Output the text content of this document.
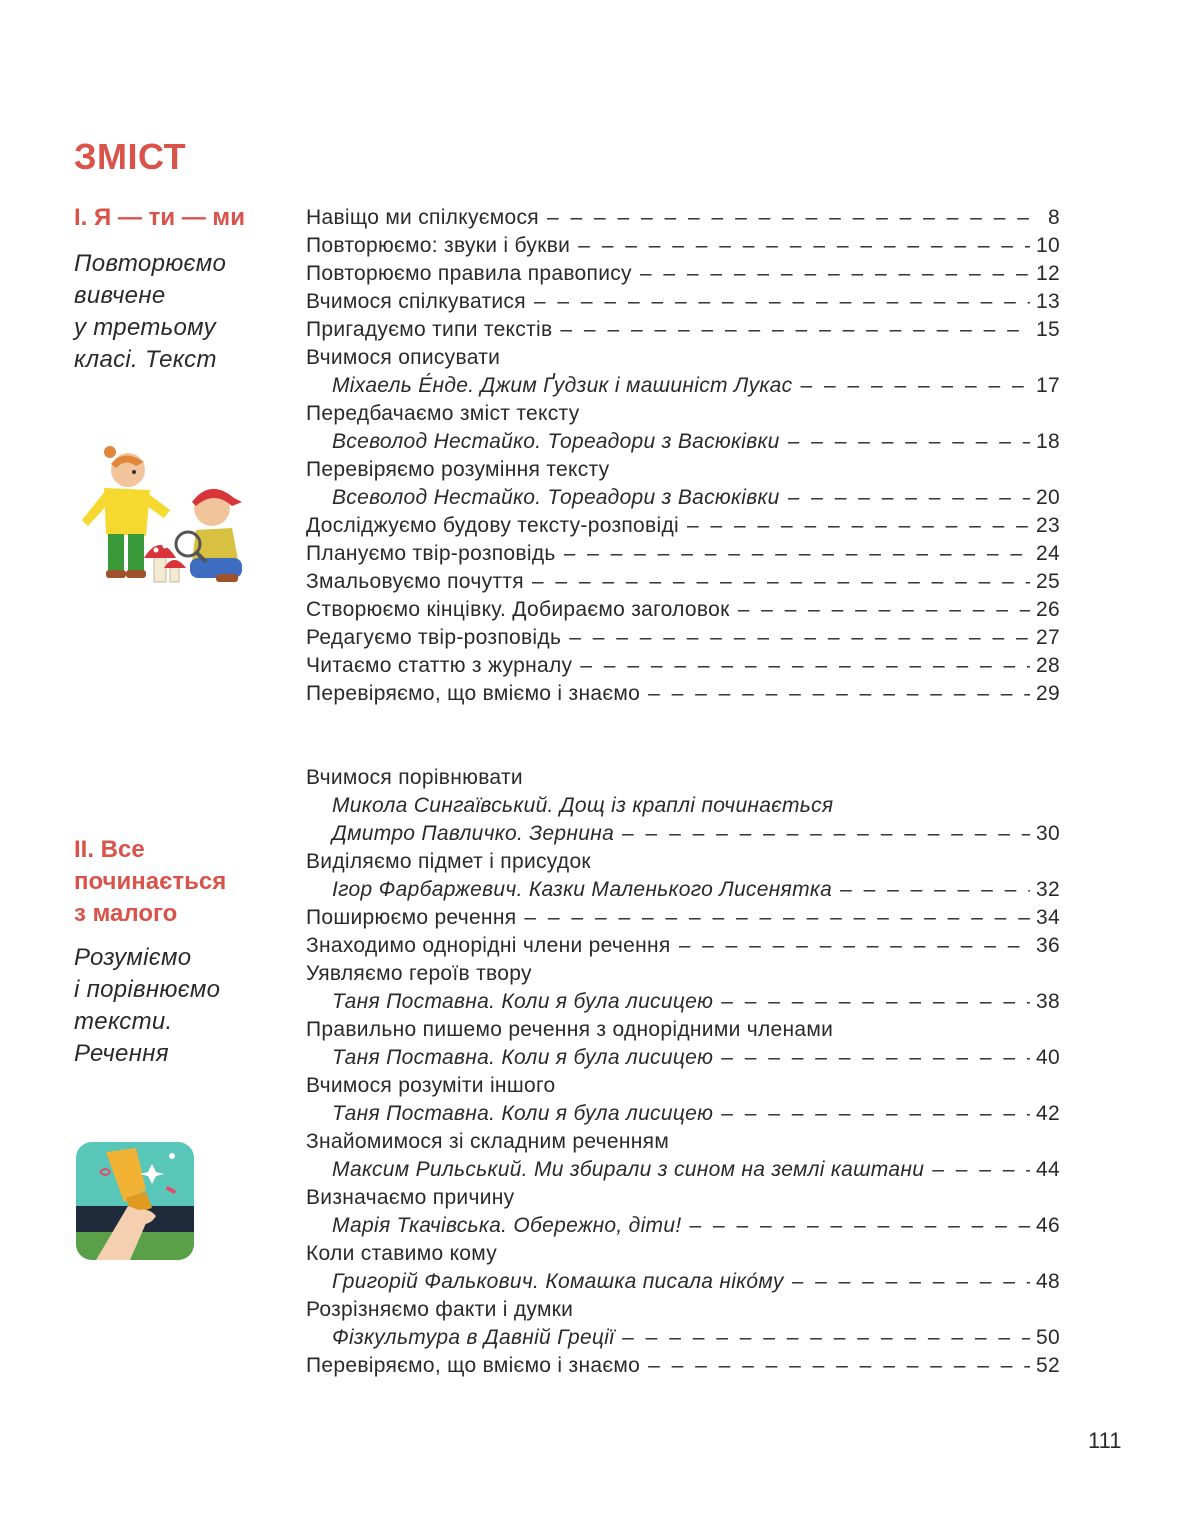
ЗМІСТ
І. Я — ти — ми
Повторюємо
вивчене
у третьому
класі. Текст
ІІ. Все
починається
з малого
Розуміємо
і порівнюємо
тексти.
Речення
Навіщо ми спілкуємося – – –	8
Повторюємо: звуки і букви – – –	10
Повторюємо правила правопису – – –	12
Вчимося спілкуватися – – –	13
Пригадуємо типи текстів – – –	15
Вчимося описувати
Міхаель Е́нде. Джим Ґудзик і машиніст Лукас – – –	17
Передбачаємо зміст тексту
Всеволод Нестайко. Тореадори з Васюківки – – –	18
Перевіряємо розуміння тексту
Всеволод Нестайко. Тореадори з Васюківки – – –	20
Досліджуємо будову тексту-розповіді – – –	23
Плануємо твір-розповідь – – –	24
Змальовуємо почуття – – –	25
Створюємо кінцівку. Добираємо заголовок – – –	26
Редагуємо твір-розповідь – – –	27
Читаємо статтю з журналу – – –	28
Перевіряємо, що вміємо і знаємо – – –	29
Вчимося порівнювати
Микола Сингаївський. Дощ із краплі починається
Дмитро Павличко. Зернина – – –	30
Виділяємо підмет і присудок
Ігор Фарбаржевич. Казки Маленького Лисенятка – – –	32
Поширюємо речення – – –	34
Знаходимо однорідні члени речення – – –	36
Уявляємо героїв твору
Таня Поставна. Коли я була лисицею – – –	38
Правильно пишемо речення з однорідними членами
Таня Поставна. Коли я була лисицею – – –	40
Вчимося розуміти іншого
Таня Поставна. Коли я була лисицею – – –	42
Знайомимося зі складним реченням
Максим Рильський. Ми збирали з сином на землі каштани – – –	44
Визначаємо причину
Марія Ткачівська. Обережно, діти! – – –	46
Коли ставимо кому
Григорій Фалькович. Комашка писала ніко́му – – –	48
Розрізняємо факти і думки
Фізкультура в Давній Греції – – –	50
Перевіряємо, що вміємо і знаємо – – –	52
111
